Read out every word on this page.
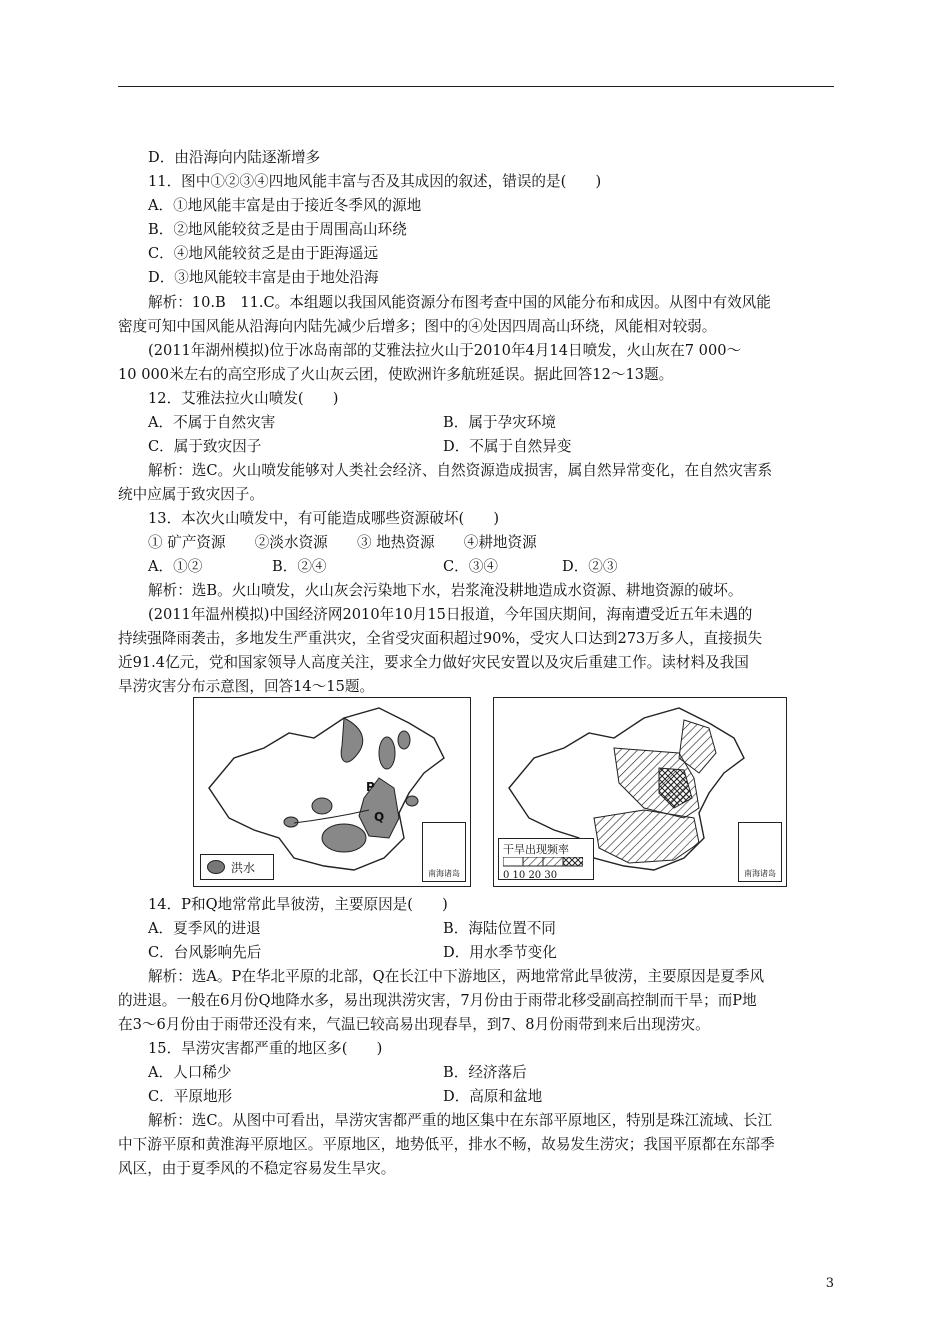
D．由沿海向内陆逐渐增多
11．图中①②③④四地风能丰富与否及其成因的叙述，错误的是(　　)
A．①地风能丰富是由于接近冬季风的源地
B．②地风能较贫乏是由于周围高山环绕
C．④地风能较贫乏是由于距海遥远
D．③地风能较丰富是由于地处沿海
解析：10.B　11.C。本组题以我国风能资源分布图考查中国的风能分布和成因。从图中有效风能
密度可知中国风能从沿海向内陆先减少后增多；图中的④处因四周高山环绕，风能相对较弱。
(2011年湖州模拟)位于冰岛南部的艾雅法拉火山于2010年4月14日喷发，火山灰在7 000～
10 000米左右的高空形成了火山灰云团，使欧洲许多航班延误。据此回答12～13题。
12．艾雅法拉火山喷发(　　)
A．不属于自然灾害	B．属于孕灾环境
C．属于致灾因子	D．不属于自然异变
解析：选C。火山喷发能够对人类社会经济、自然资源造成损害，属自然异常变化，在自然灾害系
统中应属于致灾因子。
13．本次火山喷发中，有可能造成哪些资源破坏(　　)
① 矿产资源　　②淡水资源　　③ 地热资源　　④耕地资源
A．①②	B．②④	C．③④	D．②③
解析：选B。火山喷发，火山灰会污染地下水，岩浆淹没耕地造成水资源、耕地资源的破坏。
(2011年温州模拟)中国经济网2010年10月15日报道，今年国庆期间，海南遭受近五年未遇的
持续强降雨袭击，多地发生严重洪灾，全省受灾面积超过90%，受灾人口达到273万多人，直接损失
近91.4亿元，党和国家领导人高度关注，要求全力做好灾民安置以及灾后重建工作。读材料及我国
旱涝灾害分布示意图，回答14～15题。
P
Q
洪水	南海诸岛
干旱出现频率
0 10 20 30	南海诸岛
14．P和Q地常常此旱彼涝，主要原因是(　　)
A．夏季风的进退	B．海陆位置不同
C．台风影响先后	D．用水季节变化
解析：选A。P在华北平原的北部，Q在长江中下游地区，两地常常此旱彼涝，主要原因是夏季风
的进退。一般在6月份Q地降水多，易出现洪涝灾害，7月份由于雨带北移受副高控制而干旱；而P地
在3～6月份由于雨带还没有来，气温已较高易出现春旱，到7、8月份雨带到来后出现涝灾。
15．旱涝灾害都严重的地区多(　　)
A．人口稀少	B．经济落后
C．平原地形	D．高原和盆地
解析：选C。从图中可看出，旱涝灾害都严重的地区集中在东部平原地区，特别是珠江流域、长江
中下游平原和黄淮海平原地区。平原地区，地势低平，排水不畅，故易发生涝灾；我国平原都在东部季
风区，由于夏季风的不稳定容易发生旱灾。
3
